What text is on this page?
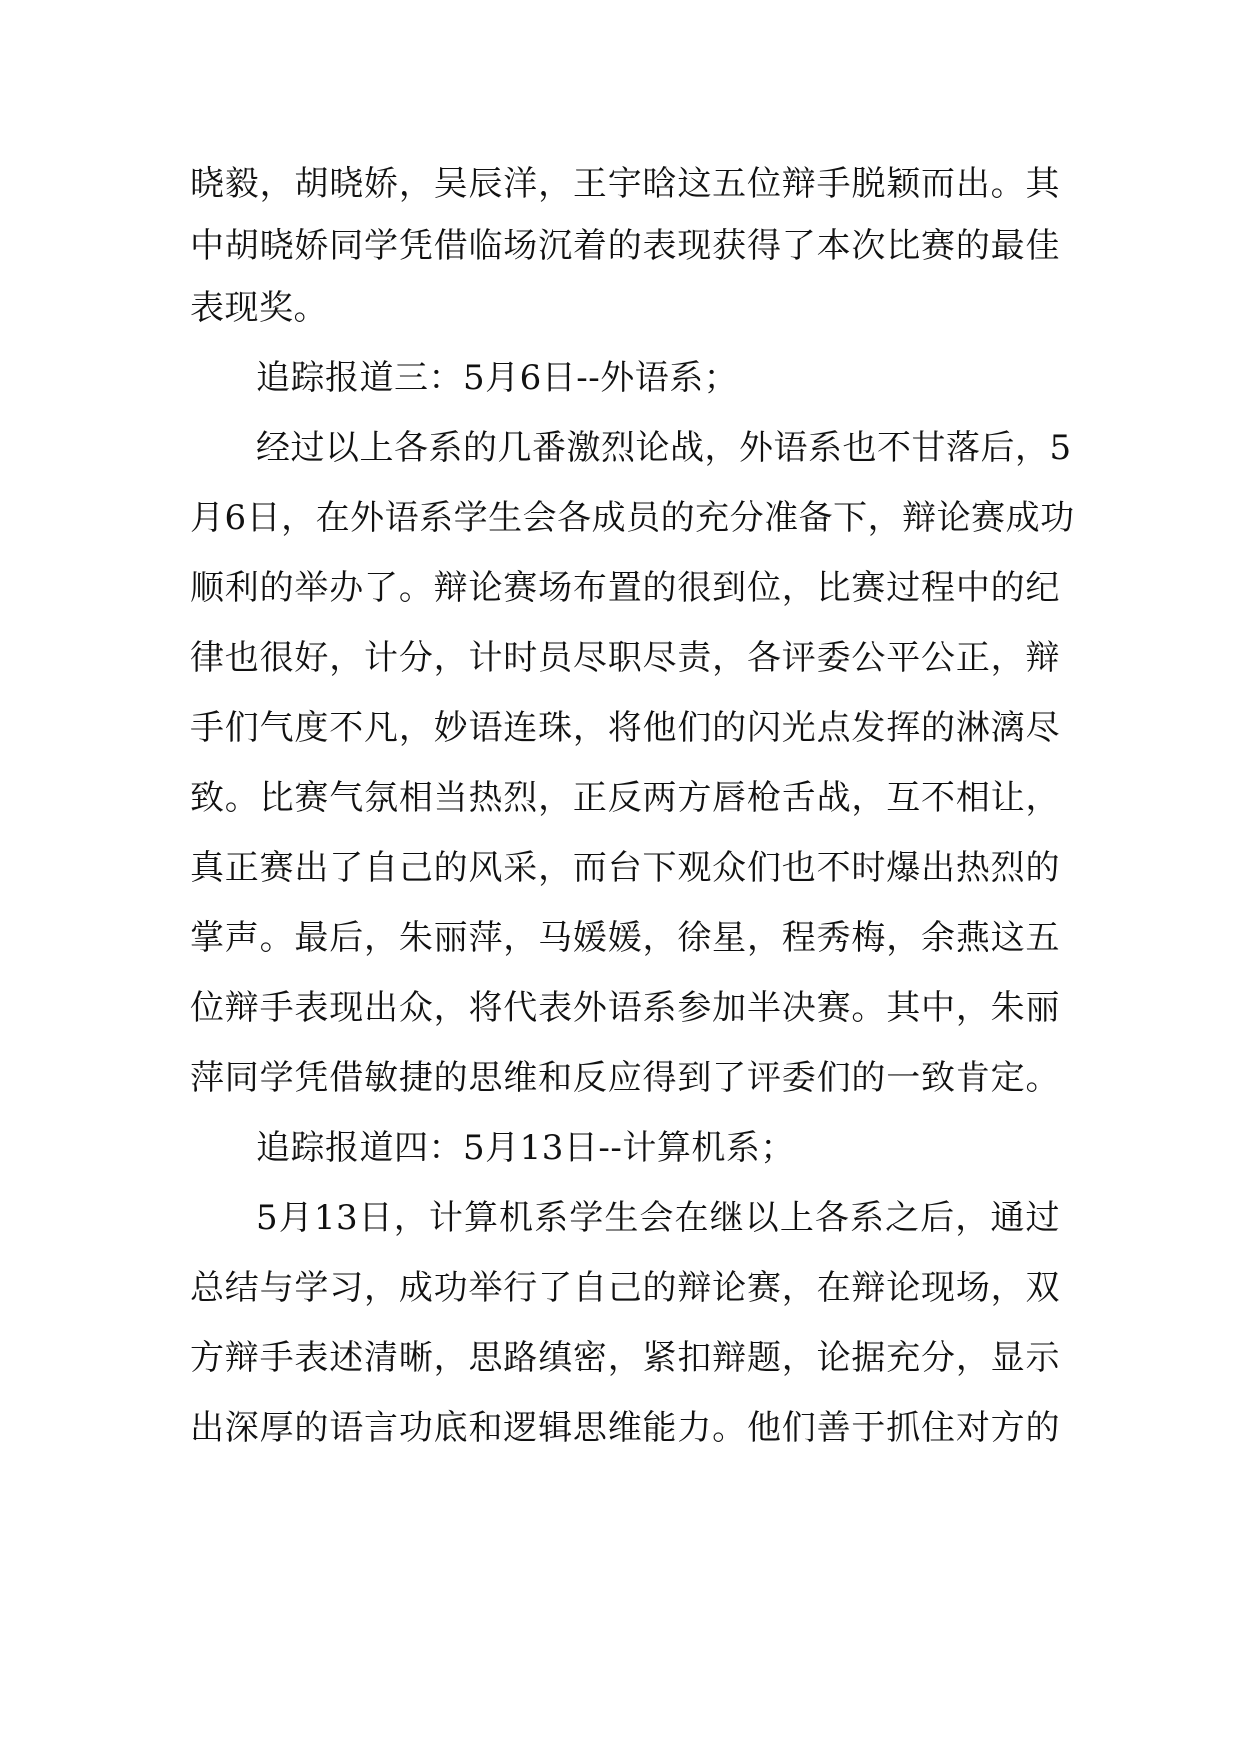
晓毅，胡晓娇，吴辰洋，王宇晗这五位辩手脱颖而出。其
中胡晓娇同学凭借临场沉着的表现获得了本次比赛的最佳
表现奖。
追踪报道三：5月6日--外语系；
经过以上各系的几番激烈论战，外语系也不甘落后，5
月6日，在外语系学生会各成员的充分准备下，辩论赛成功
顺利的举办了。辩论赛场布置的很到位，比赛过程中的纪
律也很好，计分，计时员尽职尽责，各评委公平公正，辩
手们气度不凡，妙语连珠，将他们的闪光点发挥的淋漓尽
致。比赛气氛相当热烈，正反两方唇枪舌战，互不相让，
真正赛出了自己的风采，而台下观众们也不时爆出热烈的
掌声。最后，朱丽萍，马媛媛，徐星，程秀梅，余燕这五
位辩手表现出众，将代表外语系参加半决赛。其中，朱丽
萍同学凭借敏捷的思维和反应得到了评委们的一致肯定。
追踪报道四：5月13日--计算机系；
5月13日，计算机系学生会在继以上各系之后，通过
总结与学习，成功举行了自己的辩论赛，在辩论现场，双
方辩手表述清晰，思路缜密，紧扣辩题，论据充分，显示
出深厚的语言功底和逻辑思维能力。他们善于抓住对方的
